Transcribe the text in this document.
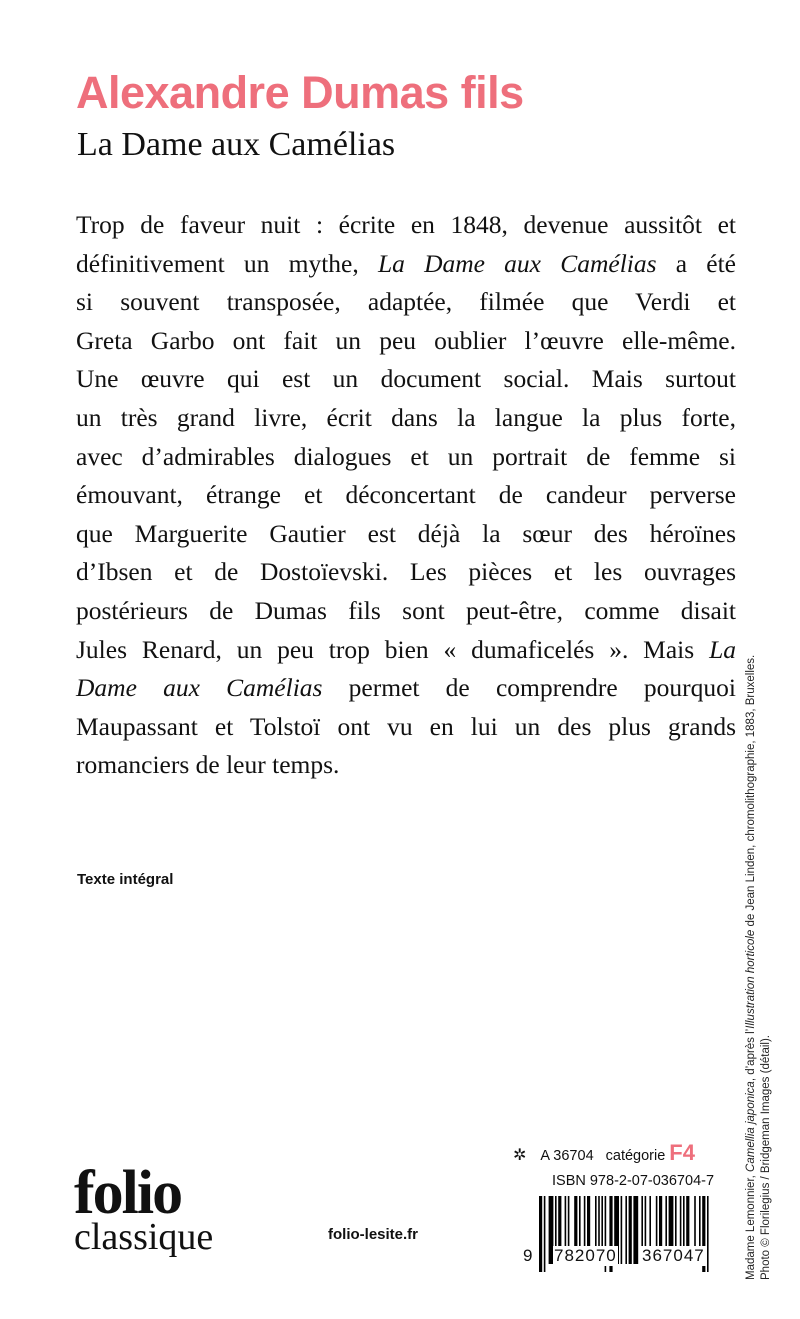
Alexandre Dumas fils
La Dame aux Camélias
Trop de faveur nuit : écrite en 1848, devenue aussitôt et
définitivement un mythe, La Dame aux Camélias a été
si souvent transposée, adaptée, filmée que Verdi et
Greta Garbo ont fait un peu oublier l’œuvre elle-même.
Une œuvre qui est un document social. Mais surtout
un très grand livre, écrit dans la langue la plus forte,
avec d’admirables dialogues et un portrait de femme si
émouvant, étrange et déconcertant de candeur perverse
que Marguerite Gautier est déjà la sœur des héroïnes
d’Ibsen et de Dostoïevski. Les pièces et les ouvrages
postérieurs de Dumas fils sont peut-être, comme disait
Jules Renard, un peu trop bien « dumaficelés ». Mais La
Dame aux Camélias permet de comprendre pourquoi
Maupassant et Tolstoï ont vu en lui un des plus grands
romanciers de leur temps.
Texte intégral
Madame Lemonnier, Camellia japonica, d’après l’Illustration horticole de Jean Linden, chromolithographie, 1883, Bruxelles.
Photo © Florilegius / Bridgeman Images (détail).
folio
classique	folio-lesite.fr
✲ A 36704 catégorie F4
ISBN 978-2-07-036704-7
9 782070 367047
